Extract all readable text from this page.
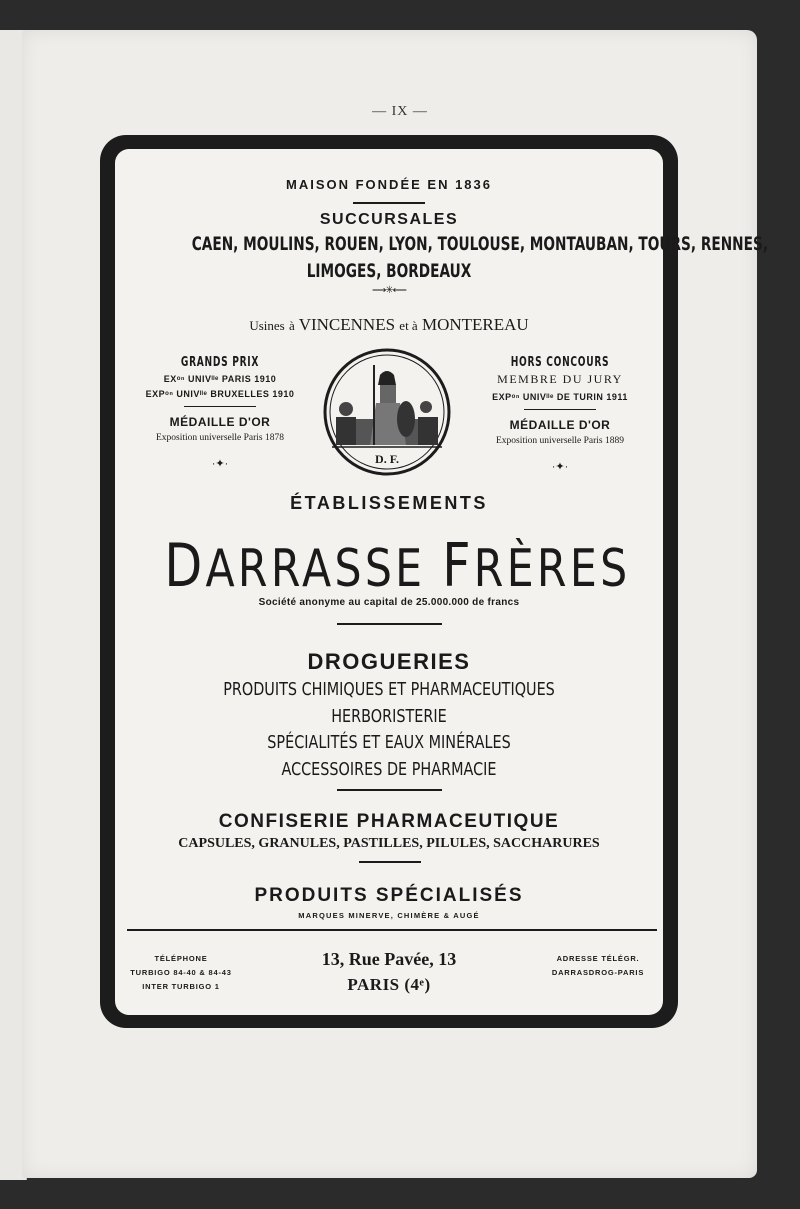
— IX —
MAISON FONDÉE EN 1836
SUCCURSALES
CAEN, MOULINS, ROUEN, LYON, TOULOUSE, MONTAUBAN, TOURS, RENNES,
LIMOGES, BORDEAUX
⟶✳⟵
Usines à VINCENNES et à MONTEREAU
GRANDS PRIX
EXᵒⁿ UNIVˡˡᵉ PARIS 1910
EXPᵒⁿ UNIVˡˡᵉ BRUXELLES 1910
MÉDAILLE D'OR
Exposition universelle Paris 1878
·✦·	D. F.
HORS CONCOURS
MEMBRE DU JURY
EXPᵒⁿ UNIVˡˡᵉ DE TURIN 1911
MÉDAILLE D'OR
Exposition universelle Paris 1889
·✦·
ÉTABLISSEMENTS
DARRASSE FRÈRES
Société anonyme au capital de 25.000.000 de francs
DROGUERIES
PRODUITS CHIMIQUES ET PHARMACEUTIQUES
HERBORISTERIE
SPÉCIALITÉS ET EAUX MINÉRALES
ACCESSOIRES DE PHARMACIE
CONFISERIE PHARMACEUTIQUE
CAPSULES, GRANULES, PASTILLES, PILULES, SACCHARURES
PRODUITS SPÉCIALISÉS
MARQUES MINERVE, CHIMÈRE & AUGÉ
TÉLÉPHONE
TURBIGO 84-40 & 84-43
INTER TURBIGO 1
13, Rue Pavée, 13
PARIS (4ᵉ)
ADRESSE TÉLÉGR.
DARRASDROG-PARIS
